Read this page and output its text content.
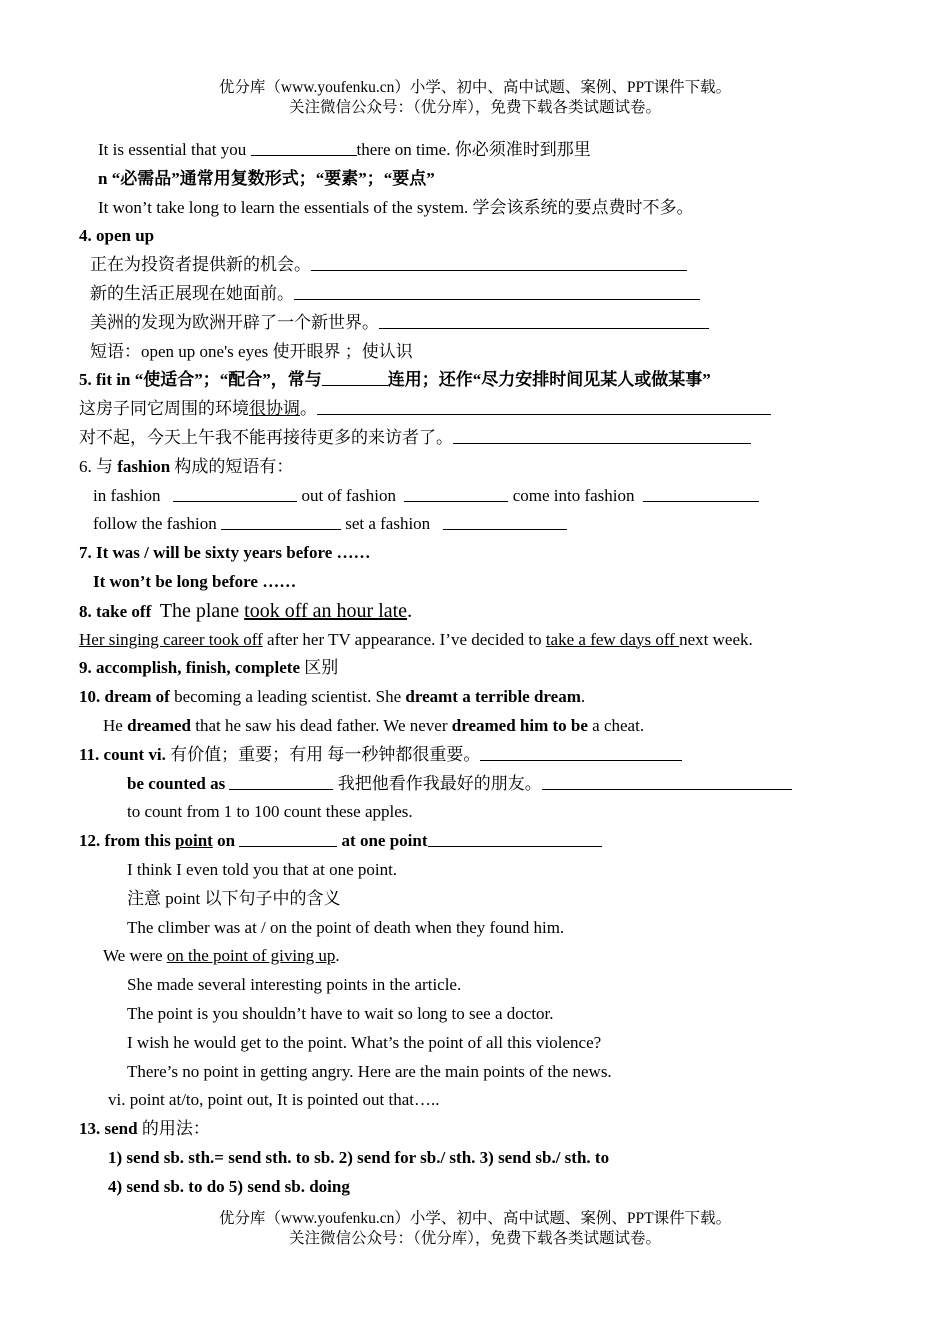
优分库（www.youfenku.cn）小学、初中、高中试题、案例、PPT课件下载。
关注微信公众号：（优分库），免费下载各类试题试卷。
It is essential that you	there on time. 你必须准时到那里
n “必需品”通常用复数形式；“要素”；“要点”
It won’t take long to learn the essentials of the system. 学会该系统的要点费时不多。
4. open up
正在为投资者提供新的机会。
新的生活正展现在她面前。
美洲的发现为欧洲开辟了一个新世界。
短语：open up one's eyes 使开眼界 ；使认识
5. fit in “使适合”；“配合”，常与	连用；还作“尽力安排时间见某人或做某事”
这房子同它周围的环境很协调。
对不起，今天上午我不能再接待更多的来访者了。
6. 与 fashion 构成的短语有：
in fashion	out of fashion	come into fashion
follow the fashion	set a fashion
7. It was / will be sixty years before ……
It won’t be long before ……
8. take off The plane took off an hour late.
Her singing career took off after her TV appearance. I’ve decided to take a few days off next week.
9. accomplish, finish, complete 区别
10. dream of becoming a leading scientist. She dreamt a terrible dream.
He dreamed that he saw his dead father. We never dreamed him to be a cheat.
11. count vi. 有价值；重要；有用 每一秒钟都很重要。
be counted as	我把他看作我最好的朋友。
to count from 1 to 100 count these apples.
12. from this point on	at one point
I think I even told you that at one point.
注意 point 以下句子中的含义
The climber was at / on the point of death when they found him.
We were on the point of giving up.
She made several interesting points in the article.
The point is you shouldn’t have to wait so long to see a doctor.
I wish he would get to the point. What’s the point of all this violence?
There’s no point in getting angry. Here are the main points of the news.
vi. point at/to, point out, It is pointed out that…..
13. send 的用法：
1) send sb. sth.= send sth. to sb. 2) send for sb./ sth. 3) send sb./ sth. to
4) send sb. to do 5) send sb. doing
优分库（www.youfenku.cn）小学、初中、高中试题、案例、PPT课件下载。
关注微信公众号：（优分库），免费下载各类试题试卷。
